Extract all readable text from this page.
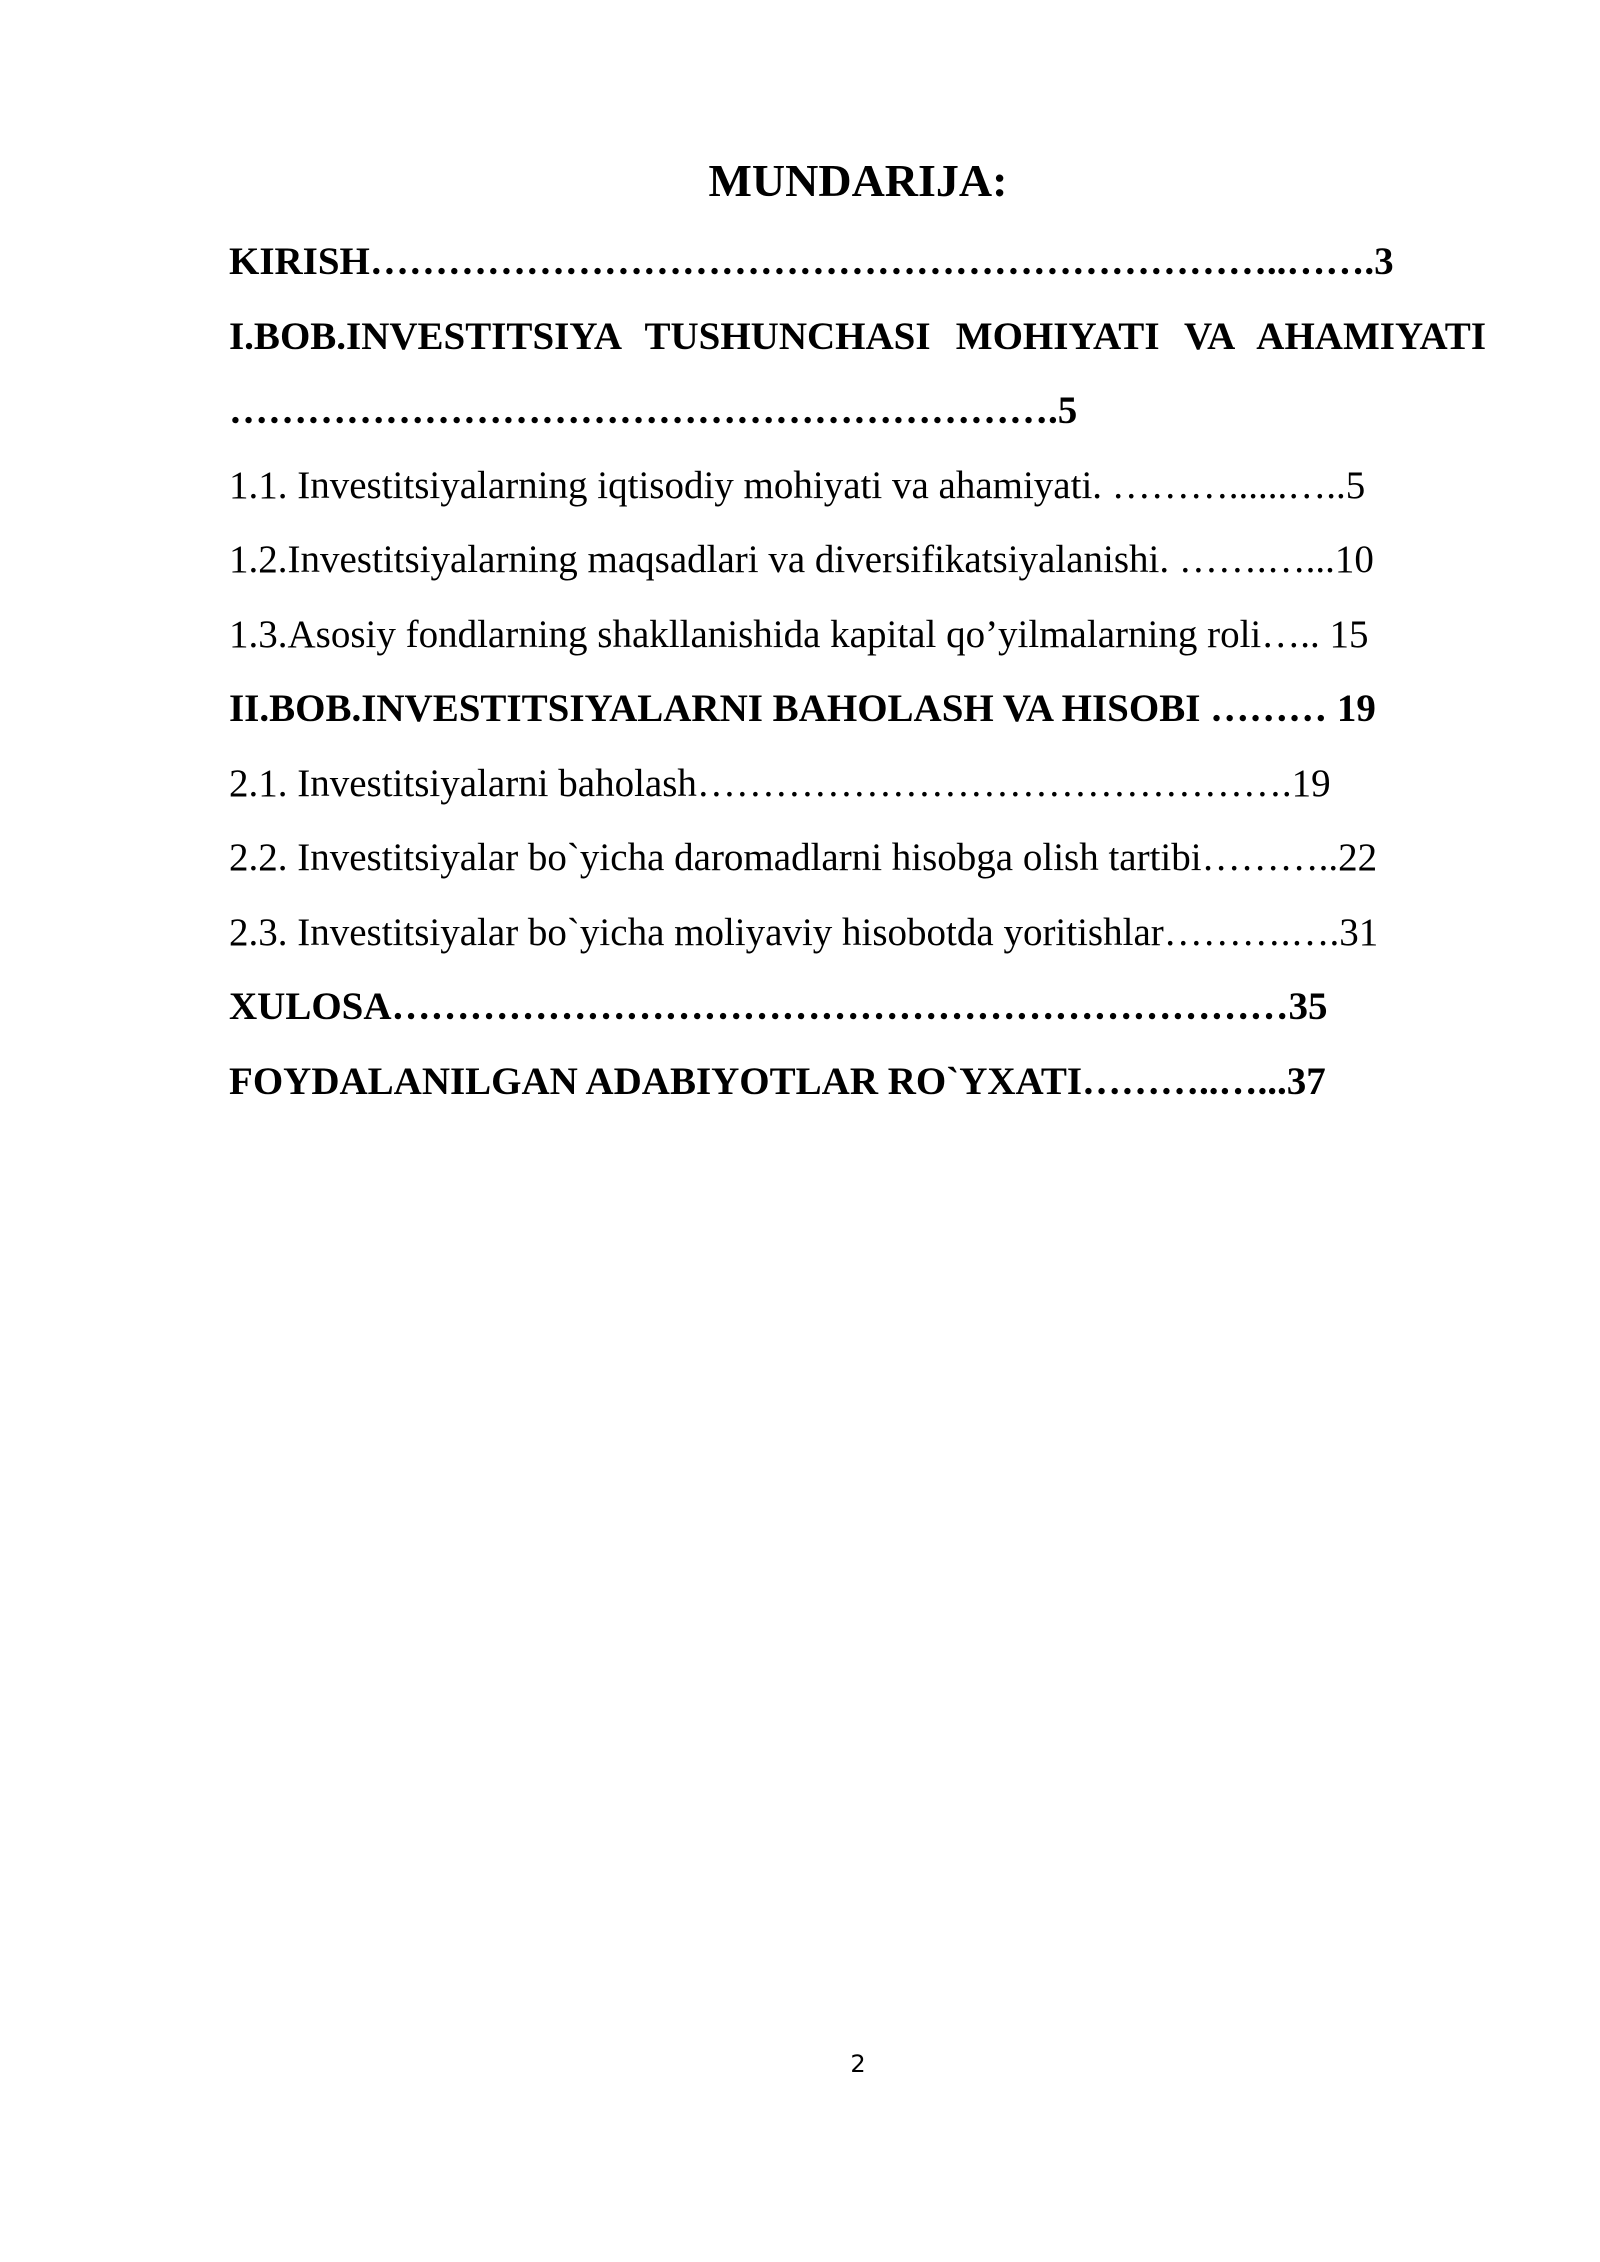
MUNDARIJA:

KIRISH……………………………………………………………..…….3

I.BOB.INVESTITSIYA TUSHUNCHASI MOHIYATI VA AHAMIYATI ……………………………………………………….5

1.1. Investitsiyalarning iqtisodiy mohiyati va ahamiyati. ………......…..5

1.2.Investitsiyalarning maqsadlari va diversifikatsiyalanishi. …….…...10

1.3.Asosiy fondlarning shakllanishida kapital qo’yilmalarning roli….. 15

II.BOB.INVESTITSIYALARNI BAHOLASH VA HISOBI ……… 19

2.1. Investitsiyalarni baholash……………………………………….19

2.2. Investitsiyalar bo`yicha daromadlarni hisobga olish tartibi………..22

2.3. Investitsiyalar bo`yicha moliyaviy hisobotda yoritishlar……….….31

XULOSA……………………………………………………………35

FOYDALANILGAN ADABIYOTLAR RO`YXATI………..…...37

2
